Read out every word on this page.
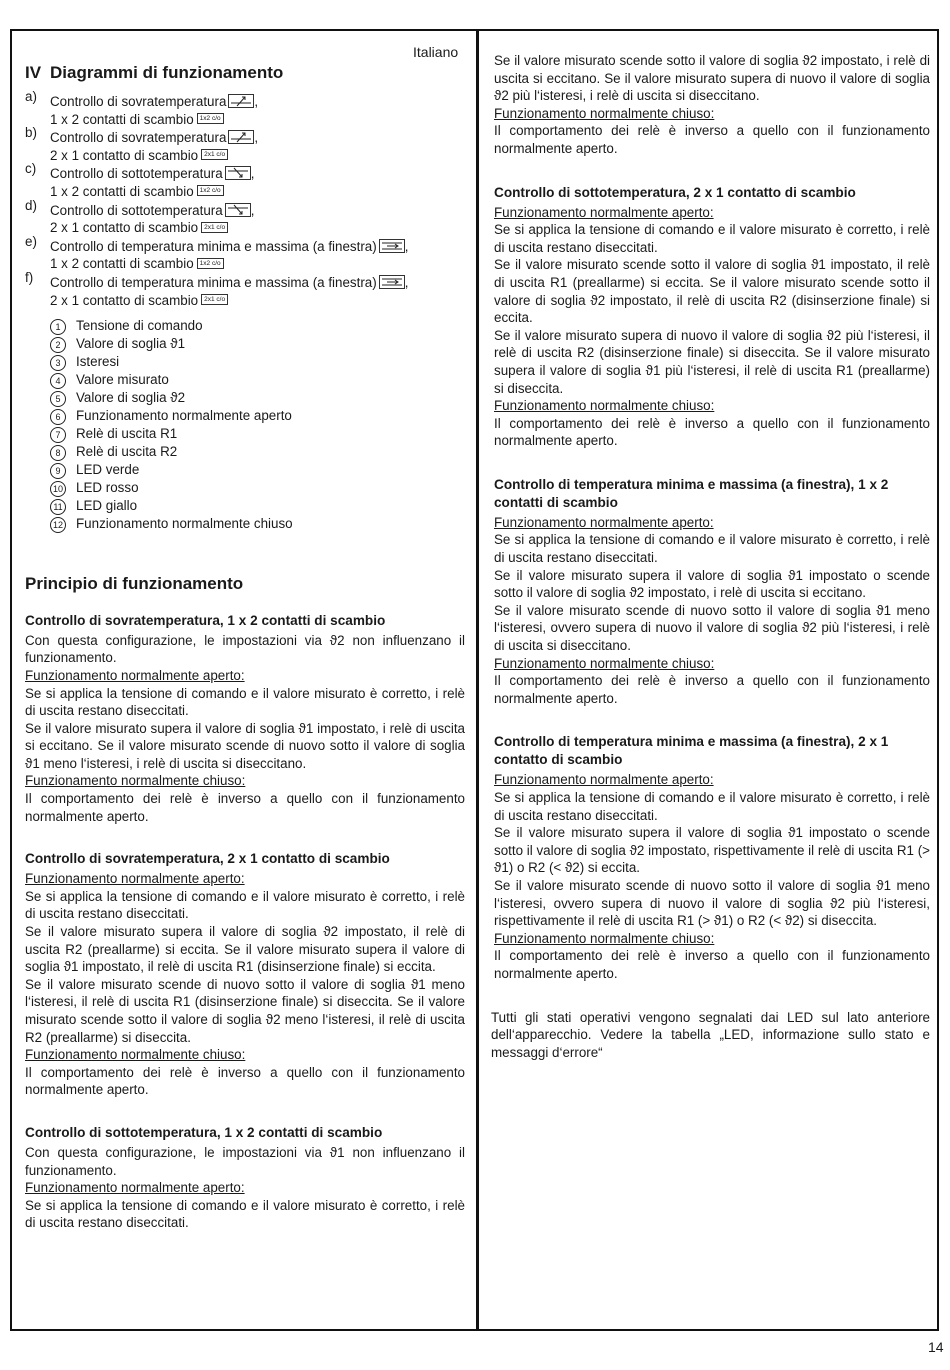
Italiano
IV Diagrammi di funzionamento
a) Controllo di sovratemperatura ,
1 x 2 contatti di scambio 1x2 c/o
b) Controllo di sovratemperatura ,
2 x 1 contatto di scambio 2x1 c/o
c)	Controllo di sottotemperatura ,
1 x 2 contatti di scambio 1x2 c/o
d) Controllo di sottotemperatura ,
2 x 1 contatto di scambio 2x1 c/o
e) Controllo di temperatura minima e massima (a finestra) ,
1 x 2 contatti di scambio 1x2 c/o
f)	Controllo di temperatura minima e massima (a finestra) ,
2 x 1 contatto di scambio 2x1 c/o
1	Tensione di comando
2	Valore di soglia ϑ1
3	Isteresi
4	Valore misurato
5	Valore di soglia ϑ2
6	Funzionamento normalmente aperto
7	Relè di uscita R1
8	Relè di uscita R2
9	LED verde
10 LED rosso
11 LED giallo
12 Funzionamento normalmente chiuso
Principio di funzionamento
Controllo di sovratemperatura, 1 x 2 contatti di scambio

Con questa configurazione, le impostazioni via ϑ2 non influenzano il funzionamento.

Funzionamento normalmente aperto:

Se si applica la tensione di comando e il valore misurato è corretto, i relè di uscita restano diseccitati.

Se il valore misurato supera il valore di soglia ϑ1 impostato, i relè di uscita si eccitano. Se il valore misurato scende di nuovo sotto il valore di soglia ϑ1 meno l‘isteresi, i relè di uscita si diseccitano.

Funzionamento normalmente chiuso:

Il comportamento dei relè è inverso a quello con il funzionamento normalmente aperto.

Controllo di sovratemperatura, 2 x 1 contatto di scambio

Funzionamento normalmente aperto:

Se si applica la tensione di comando e il valore misurato è corretto, i relè di uscita restano diseccitati.

Se il valore misurato supera il valore di soglia ϑ2 impostato, il relè di uscita R2 (preallarme) si eccita. Se il valore misurato supera il valore di soglia ϑ1 impostato, il relè di uscita R1 (disinserzione finale) si eccita.

Se il valore misurato scende di nuovo sotto il valore di soglia ϑ1 meno l‘isteresi, il relè di uscita R1 (disinserzione finale) si diseccita. Se il valore misurato scende sotto il valore di soglia ϑ2 meno l‘isteresi, il relè di uscita R2 (preallarme) si diseccita.

Funzionamento normalmente chiuso:

Il comportamento dei relè è inverso a quello con il funzionamento normalmente aperto.

Controllo di sottotemperatura, 1 x 2 contatti di scambio

Con questa configurazione, le impostazioni via ϑ1 non influenzano il funzionamento.

Funzionamento normalmente aperto:

Se si applica la tensione di comando e il valore misurato è corretto, i relè di uscita restano diseccitati.

Se il valore misurato scende sotto il valore di soglia ϑ2 impostato, i relè di uscita si eccitano. Se il valore misurato supera di nuovo il valore di soglia ϑ2 più l‘isteresi, i relè di uscita si diseccitano.

Funzionamento normalmente chiuso:

Il comportamento dei relè è inverso a quello con il funzionamento normalmente aperto.

Controllo di sottotemperatura, 2 x 1 contatto di scambio

Funzionamento normalmente aperto:

Se si applica la tensione di comando e il valore misurato è corretto, i relè di uscita restano diseccitati.

Se il valore misurato scende sotto il valore di soglia ϑ1 impostato, il relè di uscita R1 (preallarme) si eccita. Se il valore misurato scende sotto il valore di soglia ϑ2 impostato, il relè di uscita R2 (disinserzione finale) si eccita.

Se il valore misurato supera di nuovo il valore di soglia ϑ2 più l‘isteresi, il relè di uscita R2 (disinserzione finale) si diseccita. Se il valore misurato supera il valore di soglia ϑ1 più l‘isteresi, il relè di uscita R1 (preallarme) si diseccita.

Funzionamento normalmente chiuso:

Il comportamento dei relè è inverso a quello con il funzionamento normalmente aperto.

Controllo di temperatura minima e massima (a finestra), 1 x 2 contatti di scambio

Funzionamento normalmente aperto:

Se si applica la tensione di comando e il valore misurato è corretto, i relè di uscita restano diseccitati.

Se il valore misurato supera il valore di soglia ϑ1 impostato o scende sotto il valore di soglia ϑ2 impostato, i relè di uscita si eccitano.

Se il valore misurato scende di nuovo sotto il valore di soglia ϑ1 meno l‘isteresi, ovvero supera di nuovo il valore di soglia ϑ2 più l‘isteresi, i relè di uscita si diseccitano.

Funzionamento normalmente chiuso:

Il comportamento dei relè è inverso a quello con il funzionamento normalmente aperto.

Controllo di temperatura minima e massima (a finestra), 2 x 1 contatto di scambio

Funzionamento normalmente aperto:

Se si applica la tensione di comando e il valore misurato è corretto, i relè di uscita restano diseccitati.

Se il valore misurato supera il valore di soglia ϑ1 impostato o scende sotto il valore di soglia ϑ2 impostato, rispettivamente il relè di uscita R1 (> ϑ1) o R2 (< ϑ2) si eccita.

Se il valore misurato scende di nuovo sotto il valore di soglia ϑ1 meno l‘isteresi, ovvero supera di nuovo il valore di soglia ϑ2 più l‘isteresi, rispettivamente il relè di uscita R1 (> ϑ1) o R2 (< ϑ2) si diseccita.

Funzionamento normalmente chiuso:

Il comportamento dei relè è inverso a quello con il funzionamento normalmente aperto.

Tutti gli stati operativi vengono segnalati dai LED sul lato anteriore dell‘apparecchio. Vedere la tabella „LED, informazione sullo stato e messaggi d‘errore“

14
